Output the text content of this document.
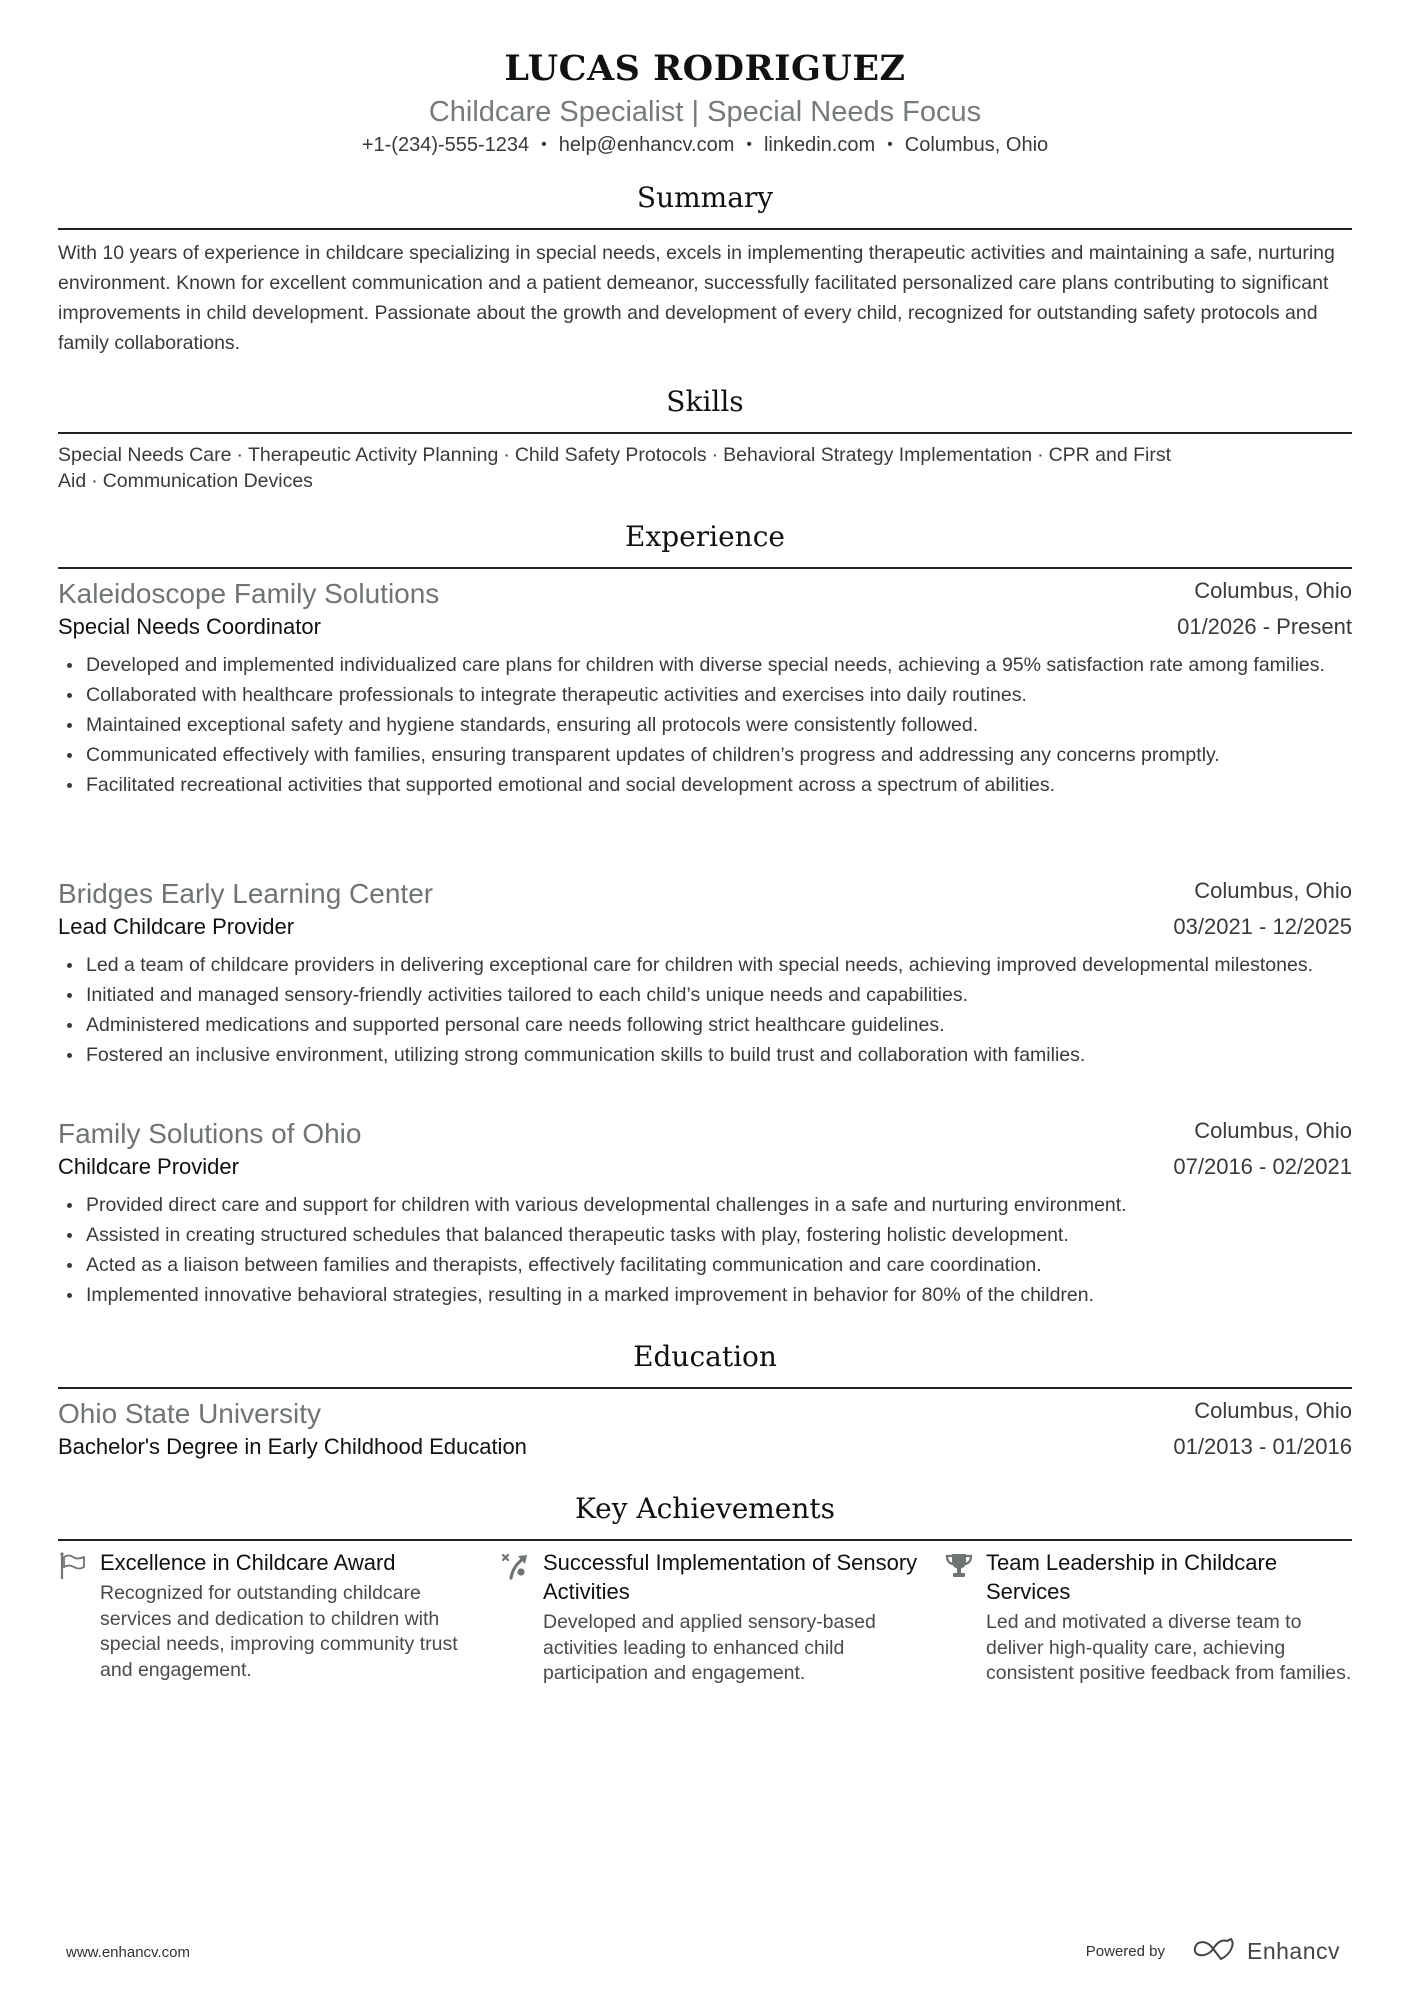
LUCAS RODRIGUEZ
Childcare Specialist | Special Needs Focus
+1-(234)-555-1234 • help@enhancv.com • linkedin.com • Columbus, Ohio
Summary
With 10 years of experience in childcare specializing in special needs, excels in implementing therapeutic activities and maintaining a safe, nurturing environment. Known for excellent communication and a patient demeanor, successfully facilitated personalized care plans contributing to significant improvements in child development. Passionate about the growth and development of every child, recognized for outstanding safety protocols and family collaborations.
Skills
Special Needs Care · Therapeutic Activity Planning · Child Safety Protocols · Behavioral Strategy Implementation · CPR and First Aid · Communication Devices
Experience
Kaleidoscope Family Solutions	Columbus, Ohio
Special Needs Coordinator	01/2026 - Present
Developed and implemented individualized care plans for children with diverse special needs, achieving a 95% satisfaction rate among families.
Collaborated with healthcare professionals to integrate therapeutic activities and exercises into daily routines.
Maintained exceptional safety and hygiene standards, ensuring all protocols were consistently followed.
Communicated effectively with families, ensuring transparent updates of children’s progress and addressing any concerns promptly.
Facilitated recreational activities that supported emotional and social development across a spectrum of abilities.
Bridges Early Learning Center	Columbus, Ohio
Lead Childcare Provider	03/2021 - 12/2025
Led a team of childcare providers in delivering exceptional care for children with special needs, achieving improved developmental milestones.
Initiated and managed sensory-friendly activities tailored to each child’s unique needs and capabilities.
Administered medications and supported personal care needs following strict healthcare guidelines.
Fostered an inclusive environment, utilizing strong communication skills to build trust and collaboration with families.
Family Solutions of Ohio	Columbus, Ohio
Childcare Provider	07/2016 - 02/2021
Provided direct care and support for children with various developmental challenges in a safe and nurturing environment.
Assisted in creating structured schedules that balanced therapeutic tasks with play, fostering holistic development.
Acted as a liaison between families and therapists, effectively facilitating communication and care coordination.
Implemented innovative behavioral strategies, resulting in a marked improvement in behavior for 80% of the children.
Education
Ohio State University	Columbus, Ohio
Bachelor's Degree in Early Childhood Education	01/2013 - 01/2016
Key Achievements
Excellence in Childcare Award
Recognized for outstanding childcare services and dedication to children with special needs, improving community trust and engagement.
Successful Implementation of Sensory Activities
Developed and applied sensory-based activities leading to enhanced child participation and engagement.
Team Leadership in Childcare Services
Led and motivated a diverse team to deliver high-quality care, achieving consistent positive feedback from families.
www.enhancv.com	Powered by	Enhancv
